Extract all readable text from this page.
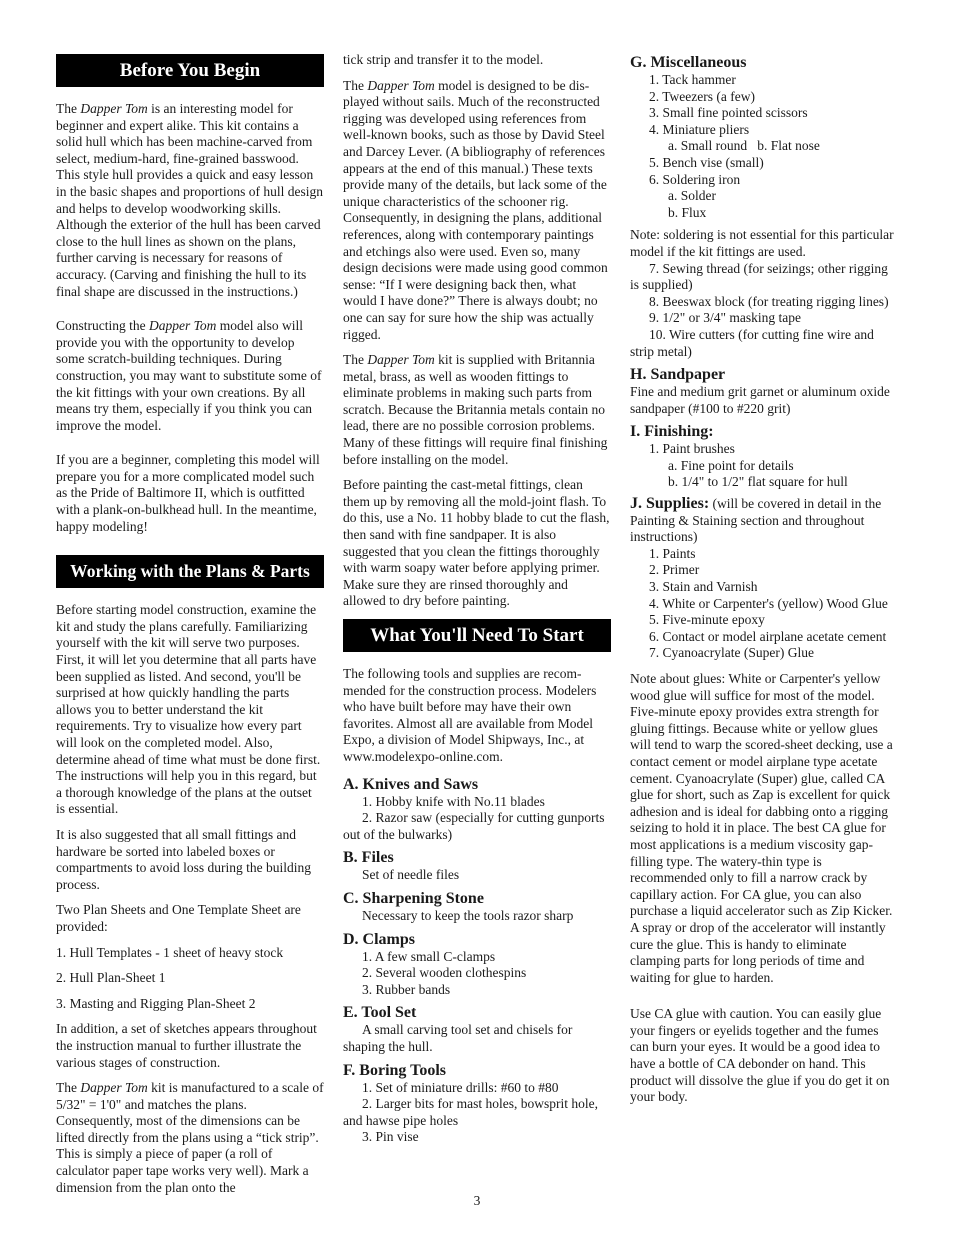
Before You Begin

The Dapper Tom is an interesting model for beginner and expert alike. This kit contains a solid hull which has been machine-carved from select, medium-hard, fine-grained basswood. This style hull provides a quick and easy lesson in the basic shapes and proportions of hull design and helps to develop woodworking skills. Although the exterior of the hull has been carved close to the hull lines as shown on the plans, further carving is necessary for reasons of accuracy. (Carving and finishing the hull to its final shape are discussed in the instructions.)

Constructing the Dapper Tom model also will provide you with the opportunity to develop some scratch-building techniques. During construction, you may want to substitute some of the kit fittings with your own creations. By all means try them, especially if you think you can improve the model.

If you are a beginner, completing this model will prepare you for a more complicated model such as the Pride of Baltimore II, which is outfitted with a plank-on-bulkhead hull. In the meantime, happy modeling!

Working with the Plans & Parts

Before starting model construction, examine the kit and study the plans carefully. Familiarizing yourself with the kit will serve two purposes. First, it will let you determine that all parts have been supplied as listed. And second, you'll be surprised at how quickly handling the parts allows you to better understand the kit requirements. Try to visualize how every part will look on the completed model. Also, determine ahead of time what must be done first. The instructions will help you in this regard, but a thorough knowledge of the plans at the outset is essential.

It is also suggested that all small fittings and hardware be sorted into labeled boxes or compartments to avoid loss during the building process.

Two Plan Sheets and One Template Sheet are provided:

1. Hull Templates - 1 sheet of heavy stock

2. Hull Plan-Sheet 1

3. Masting and Rigging Plan-Sheet 2

In addition, a set of sketches appears throughout the instruction manual to further illustrate the various stages of construction.

The Dapper Tom kit is manufactured to a scale of 5/32" = 1'0" and matches the plans. Consequently, most of the dimensions can be lifted directly from the plans using a “tick strip”. This is simply a piece of paper (a roll of calculator paper tape works very well). Mark a dimension from the plan onto the

tick strip and transfer it to the model.

The Dapper Tom model is designed to be displayed without sails. Much of the reconstructed rigging was developed using references from well-known books, such as those by David Steel and Darcey Lever. (A bibliography of references appears at the end of this manual.) These texts provide many of the details, but lack some of the unique characteristics of the schooner rig. Consequently, in designing the plans, additional references, along with contemporary paintings and etchings also were used. Even so, many design decisions were made using good common sense: “If I were designing back then, what would I have done?” There is always doubt; no one can say for sure how the ship was actually rigged.

The Dapper Tom kit is supplied with Britannia metal, brass, as well as wooden fittings to eliminate problems in making such parts from scratch. Because the Britannia metals contain no lead, there are no possible corrosion problems. Many of these fittings will require final finishing before installing on the model.

Before painting the cast-metal fittings, clean them up by removing all the mold-joint flash. To do this, use a No. 11 hobby blade to cut the flash, then sand with fine sandpaper. It is also suggested that you clean the fittings thoroughly with warm soapy water before applying primer. Make sure they are rinsed thoroughly and allowed to dry before painting.

What You'll Need To Start

The following tools and supplies are recommended for the construction process. Modelers who have built before may have their own favorites. Almost all are available from Model Expo, a division of Model Shipways, Inc., at www.modelexpo-online.com.

A. Knives and Saws
1. Hobby knife with No.11 blades
2. Razor saw (especially for cutting gunports out of the bulwarks)
B. Files
Set of needle files
C. Sharpening Stone
Necessary to keep the tools razor sharp
D. Clamps
1. A few small C-clamps
2. Several wooden clothespins
3. Rubber bands
E. Tool Set
A small carving tool set and chisels for shaping the hull.
F. Boring Tools
1. Set of miniature drills: #60 to #80
2. Larger bits for mast holes, bowsprit hole, and hawse pipe holes
3. Pin vise
G. Miscellaneous
1. Tack hammer
2. Tweezers (a few)
3. Small fine pointed scissors
4. Miniature pliers
a. Small round   b. Flat nose
5. Bench vise (small)
6. Soldering iron
a. Solder
b. Flux

Note: soldering is not essential for this particular model if the kit fittings are used.

7. Sewing thread (for seizings; other rigging is supplied)
8. Beeswax block (for treating rigging lines)
9. 1/2" or 3/4" masking tape
10. Wire cutters (for cutting fine wire and strip metal)
H. Sandpaper
Fine and medium grit garnet or aluminum oxide sandpaper (#100 to #220 grit)
I. Finishing:
1. Paint brushes
a. Fine point for details
b. 1/4" to 1/2" flat square for hull
J. Supplies: (will be covered in detail in the Painting & Staining section and throughout instructions)
1. Paints
2. Primer
3. Stain and Varnish
4. White or Carpenter's (yellow) Wood Glue
5. Five-minute epoxy
6. Contact or model airplane acetate cement
7. Cyanoacrylate (Super) Glue

Note about glues: White or Carpenter's yellow wood glue will suffice for most of the model. Five-minute epoxy provides extra strength for gluing fittings. Because white or yellow glues will tend to warp the scored-sheet decking, use a contact cement or model airplane type acetate cement. Cyanoacrylate (Super) glue, called CA glue for short, such as Zap is excellent for quick adhesion and is ideal for dabbing onto a rigging seizing to hold it in place. The best CA glue for most applications is a medium viscosity gap-filling type. The watery-thin type is recommended only to fill a narrow crack by capillary action. For CA glue, you can also purchase a liquid accelerator such as Zip Kicker. A spray or drop of the accelerator will instantly cure the glue. This is handy to eliminate clamping parts for long periods of time and waiting for glue to harden.

Use CA glue with caution. You can easily glue your fingers or eyelids together and the fumes can burn your eyes. It would be a good idea to have a bottle of CA debonder on hand. This product will dissolve the glue if you do get it on your body.

3
